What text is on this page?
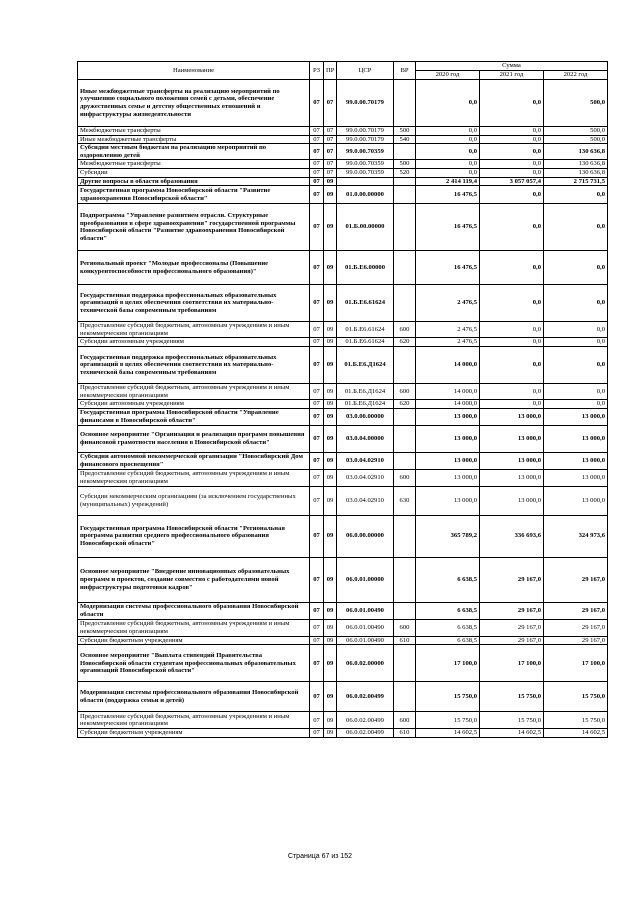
Наименование	РЗ	ПР	ЦСР	ВР	Сумма		
					2020 год	2021 год	2022 год
Иные межбюджетные трансферты на реализацию мероприятий по улучшению социального положения семей с детьми, обеспечение дружественных семье и детству общественных отношений и инфраструктуры жизнедеятельности	07	07	99.0.00.70179		0,0	0,0	500,0
Межбюджетные трансферты	07	07	99.0.00.70179	500	0,0	0,0	500,0
Иные межбюджетные трансферты	07	07	99.0.00.70179	540	0,0	0,0	500,0
Субсидии местным бюджетам на реализацию мероприятий по оздоровлению детей	07	07	99.0.00.70359		0,0	0,0	130 636,8
Межбюджетные трансферты	07	07	99.0.00.70359	500	0,0	0,0	130 636,8
Субсидии	07	07	99.0.00.70359	520	0,0	0,0	130 636,8
Другие вопросы в области образования	07	09			2 414 119,4	3 057 057,4	2 715 731,5
Государственная программа Новосибирской области "Развитие здравоохранения Новосибирской области"	07	09	01.0.00.00000		16 476,5	0,0	0,0
Подпрограмма "Управление развитием отрасли. Структурные преобразования в сфере здравоохранения" государственной программы Новосибирской области "Развитие здравоохранения Новосибирской области"	07	09	01.Б.00.00000		16 476,5	0,0	0,0
Региональный проект "Молодые профессионалы (Повышение конкурентоспособности профессионального образования)"	07	09	01.Б.Е6.00000		16 476,5	0,0	0,0
Государственная поддержка профессиональных образовательных организаций в целях обеспечения соответствия их материально-технической базы современным требованиям	07	09	01.Б.Е6.61624		2 476,5	0,0	0,0
Предоставление субсидий бюджетным, автономным учреждениям и иным некоммерческим организациям	07	09	01.Б.Е6.61624	600	2 476,5	0,0	0,0
Субсидии автономным учреждениям	07	09	01.Б.Е6.61624	620	2 476,5	0,0	0,0
Государственная поддержка профессиональных образовательных организаций в целях обеспечения соответствия их материально-технической базы современным требованиям	07	09	01.Б.Е6.Д1624		14 000,0	0,0	0,0
Предоставление субсидий бюджетным, автономным учреждениям и иным некоммерческим организациям	07	09	01.Б.Е6.Д1624	600	14 000,0	0,0	0,0
Субсидии автономным учреждениям	07	09	01.Б.Е6.Д1624	620	14 000,0	0,0	0,0
Государственная программа Новосибирской области "Управление финансами в Новосибирской области"	07	09	03.0.00.00000		13 000,0	13 000,0	13 000,0
Основное мероприятие "Организация и реализация программ повышения финансовой грамотности населения в Новосибирской области"	07	09	03.0.04.00000		13 000,0	13 000,0	13 000,0
Субсидии автономной некоммерческой организации "Новосибирский Дом финансового просвещения"	07	09	03.0.04.02910		13 000,0	13 000,0	13 000,0
Предоставление субсидий бюджетным, автономным учреждениям и иным некоммерческим организациям	07	09	03.0.04.02910	600	13 000,0	13 000,0	13 000,0
Субсидии некоммерческим организациям (за исключением государственных (муниципальных) учреждений)	07	09	03.0.04.02910	630	13 000,0	13 000,0	13 000,0
Государственная программа Новосибирской области "Региональная программа развития среднего профессионального образования Новосибирской области"	07	09	06.0.00.00000		365 789,2	336 693,6	324 973,6
Основное мероприятие "Внедрение инновационных образовательных программ и проектов, создание совместно с работодателями новой инфраструктуры подготовки кадров"	07	09	06.0.01.00000		6 638,5	29 167,0	29 167,0
Модернизация системы профессионального образования Новосибирской области	07	09	06.0.01.00490		6 638,5	29 167,0	29 167,0
Предоставление субсидий бюджетным, автономным учреждениям и иным некоммерческим организациям	07	09	06.0.01.00490	600	6 638,5	29 167,0	29 167,0
Субсидии бюджетным учреждениям	07	09	06.0.01.00490	610	6 638,5	29 167,0	29 167,0
Основное мероприятие "Выплата стипендий Правительства Новосибирской области студентам профессиональных образовательных организаций Новосибирской области"	07	09	06.0.02.00000		17 100,0	17 100,0	17 100,0
Модернизация системы профессионального образования Новосибирской области (поддержка семьи и детей)	07	09	06.0.02.00499		15 750,0	15 750,0	15 750,0
Предоставление субсидий бюджетным, автономным учреждениям и иным некоммерческим организациям	07	09	06.0.02.00499	600	15 750,0	15 750,0	15 750,0
Субсидии бюджетным учреждениям	07	09	06.0.02.00499	610	14 602,5	14 602,5	14 602,5
Страница 67 из 152
